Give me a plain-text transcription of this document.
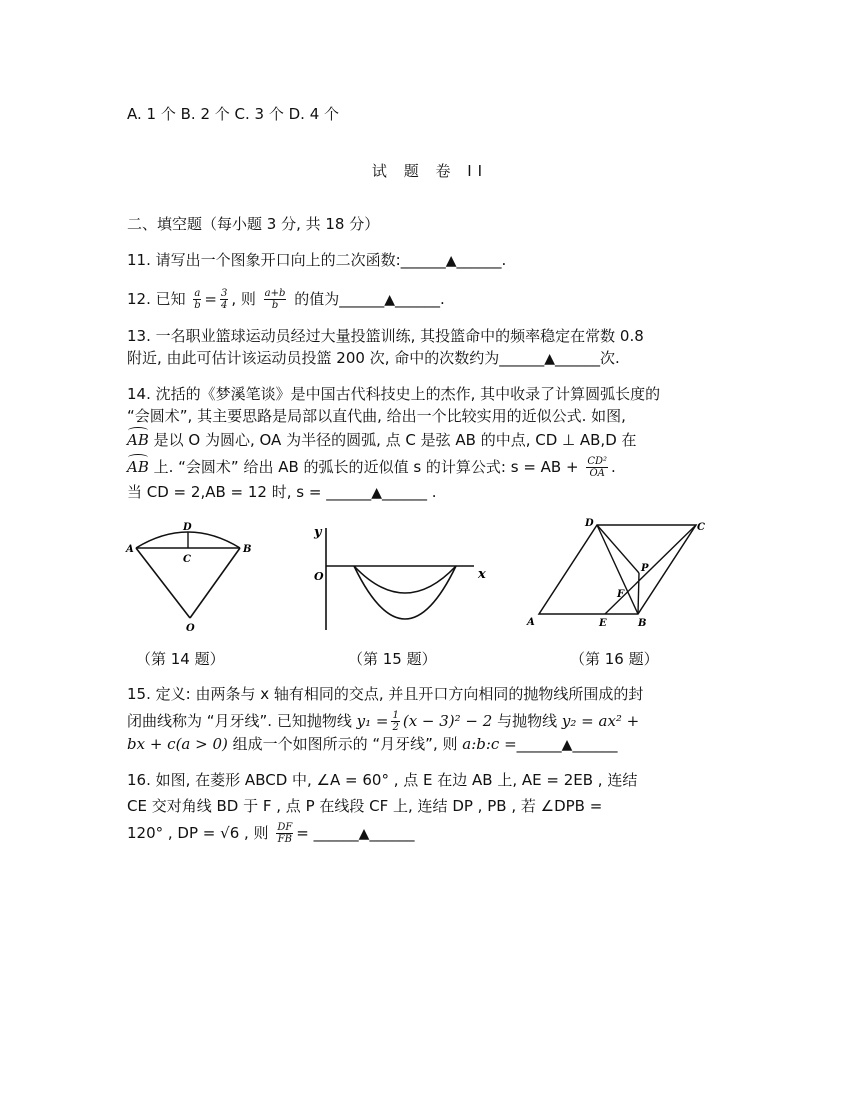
A. 1 个 B. 2 个 C. 3 个 D. 4 个
试 题 卷 II
二、填空题（每小题 3 分, 共 18 分）
11. 请写出一个图象开口向上的二次函数:______▲______.
12. 已知 $\frac{a}{b} = \frac{3}{4}$ , 则 $\frac{a+b}{b}$ 的值为______▲______.
13. 一名职业篮球运动员经过大量投篮训练, 其投篮命中的频率稳定在常数 0.8
附近, 由此可估计该运动员投篮 200 次, 命中的次数约为______▲______次.
14. 沈括的《梦溪笔谈》是中国古代科技史上的杰作, 其中收录了计算圆弧长度的
“会圆术”, 其主要思路是局部以直代曲, 给出一个比较实用的近似公式. 如图,
AB 是以 O 为圆心, OA 为半径的圆弧, 点 C 是弦 AB 的中点, CD ⊥ AB,D 在
AB 上. “会圆术” 给出 AB 的弧长的近似值 s 的计算公式: s = AB + $\frac{\text{CD²}}{OA}$ .
当 CD = 2,AB = 12 时, s = ______▲______ .
A	B
C
D
O
y
x
O
A	B
C
D
E
F
P
（第 14 题）	（第 15 题）	（第 16 题）
15. 定义: 由两条与 x 轴有相同的交点, 并且开口方向相同的抛物线所围成的封
闭曲线称为 “月牙线”. 已知抛物线 $y_1 = \frac{1}{2} (x - 3)^2 - 2$ 与抛物线 y₂ = ax² +
bx + c(a > 0) 组成一个如图所示的 “月牙线”, 则 a:b:c =______▲______
16. 如图, 在菱形 ABCD 中, ∠A = 60° , 点 E 在边 AB 上, AE = 2EB , 连结
CE 交对角线 BD 于 F , 点 P 在线段 CF 上, 连结 DP , PB , 若 ∠DPB =
120° , DP = √6 , 则 $\frac{DF}{FB}$ = ______▲______
